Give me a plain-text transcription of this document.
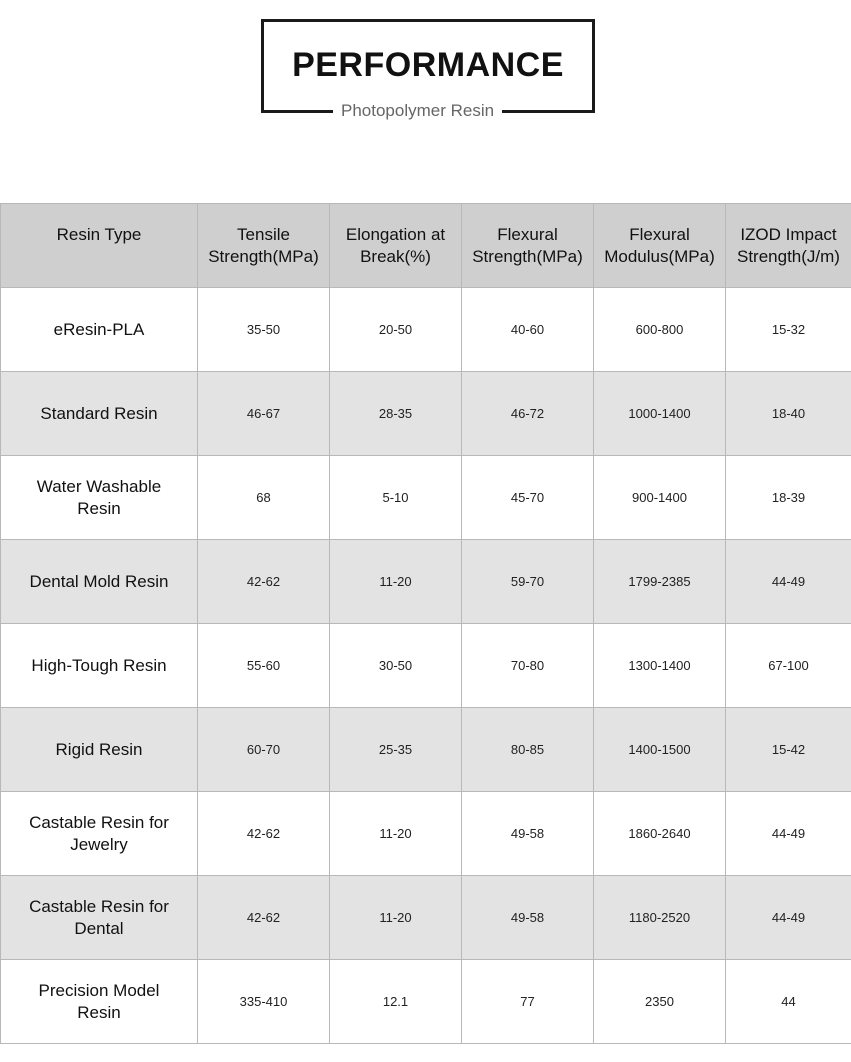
PERFORMANCE
Photopolymer Resin
Resin Type	Tensile Strength(MPa)	Elongation at Break(%)	Flexural Strength(MPa)	Flexural Modulus(MPa)	IZOD Impact Strength(J/m)
eResin-PLA	35-50	20-50	40-60	600-800	15-32
Standard Resin	46-67	28-35	46-72	1000-1400	18-40
Water Washable Resin	68	5-10	45-70	900-1400	18-39
Dental Mold Resin	42-62	11-20	59-70	1799-2385	44-49
High-Tough Resin	55-60	30-50	70-80	1300-1400	67-100
Rigid Resin	60-70	25-35	80-85	1400-1500	15-42
Castable Resin for Jewelry	42-62	11-20	49-58	1860-2640	44-49
Castable Resin for Dental	42-62	11-20	49-58	1180-2520	44-49
Precision Model Resin	335-410	12.1	77	2350	44
